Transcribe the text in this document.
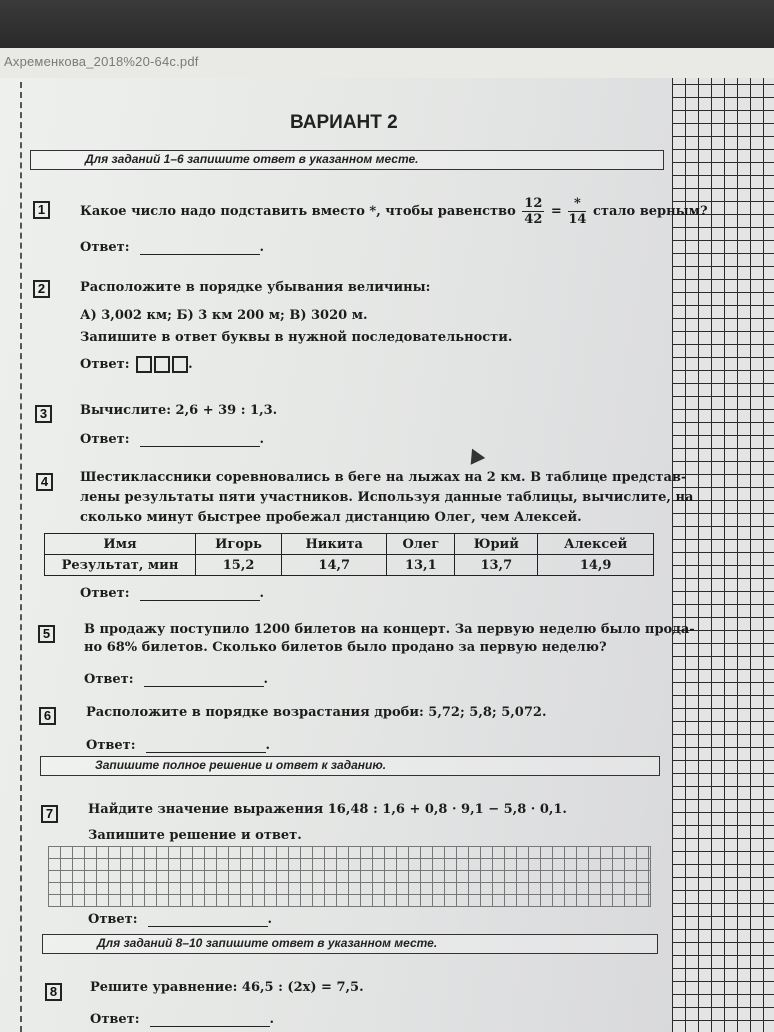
Ахременкова_2018%20-64с.pdf
ВАРИАНТ 2
Для заданий 1–6 запишите ответ в указанном месте.
1	Какое число надо подставить вместо *, чтобы равенство $\frac{12}{42} = \frac{*}{14}$ стало верным?
Ответ:	.
2	Расположите в порядке убывания величины:
А) 3,002 км; Б) 3 км 200 м; В) 3020 м.
Запишите в ответ буквы в нужной последовательности.
Ответ:	.
3	Вычислите: 2,6 + 39 : 1,3.
Ответ:	.
4	Шестиклассники соревновались в беге на лыжах на 2 км. В таблице представ-
лены результаты пяти участников. Используя данные таблицы, вычислите, на
сколько минут быстрее пробежал дистанцию Олег, чем Алексей.
Имя	Игорь	Никита	Олег	Юрий	Алексей
Результат, мин	15,2	14,7	13,1	13,7	14,9
Ответ:	.
5	В продажу поступило 1200 билетов на концерт. За первую неделю было прода-
но 68% билетов. Сколько билетов было продано за первую неделю?
Ответ:	.
6	Расположите в порядке возрастания дроби: 5,72; 5,8; 5,072.
Ответ:	.
Запишите полное решение и ответ к заданию.
7	Найдите значение выражения 16,48 : 1,6 + 0,8 · 9,1 − 5,8 · 0,1.
Запишите решение и ответ.
Ответ:	.
Для заданий 8–10 запишите ответ в указанном месте.
8	Решите уравнение: 46,5 : (2x) = 7,5.
Ответ:	.
